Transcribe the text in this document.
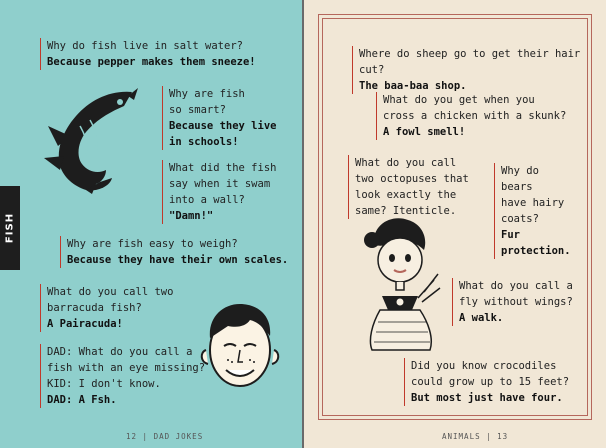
FISH
Why do fish live in salt water?
Because pepper makes them sneeze!
Why are fish
so smart?
Because they live
in schools!
What did the fish
say when it swam
into a wall?
"Damn!"
Why are fish easy to weigh?
Because they have their own scales.
What do you call two
barracuda fish?
A Pairacuda!
DAD: What do you call a
fish with an eye missing?
KID: I don't know.
DAD: A Fsh.
12 | DAD JOKES
Where do sheep go to get their hair cut?
The baa-baa shop.
What do you get when you
cross a chicken with a skunk?
A fowl smell!
What do you call
two octopuses that
look exactly the
same? Itenticle.
Why do
bears
have hairy
coats?
Fur
protection.
What do you call a
fly without wings?
A walk.
Did you know crocodiles
could grow up to 15 feet?
But most just have four.
ANIMALS | 13
